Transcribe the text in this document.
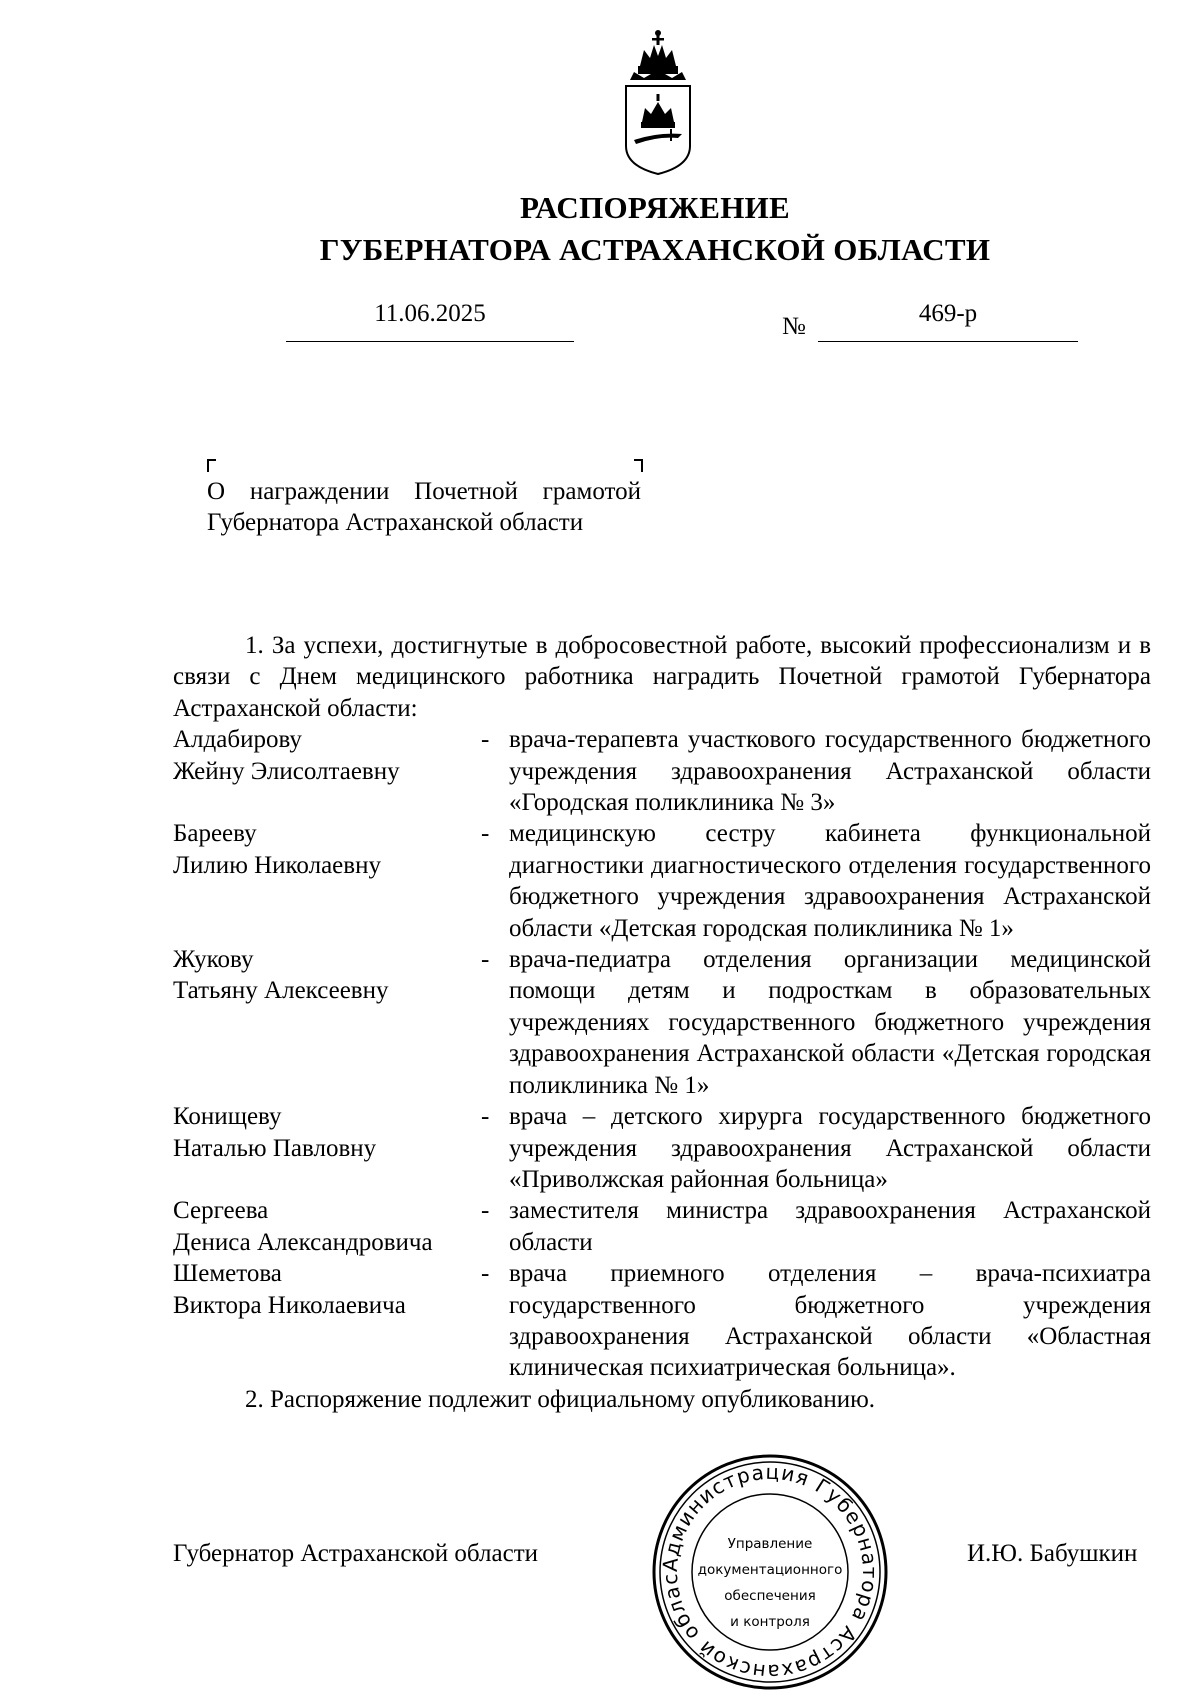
РАСПОРЯЖЕНИЕ
ГУБЕРНАТОРА АСТРАХАНСКОЙ ОБЛАСТИ
11.06.2025	№	469-р
О награждении Почетной грамотой
Губернатора Астраханской области

1. За успехи, достигнутые в добросовестной работе, высокий профессионализм и в связи с Днем медицинского работника наградить Почетной грамотой Губернатора Астраханской области:

Алдабирову
Жейну Элисолтаевну
- врача-терапевта участкового государственного бюджетного учреждения здравоохранения Астраханской области «Городская поликлиника № 3»
Барееву
Лилию Николаевну
- медицинскую сестру кабинета функциональной диагностики диагностического отделения государственного бюджетного учреждения здравоохранения Астраханской области «Детская городская поликлиника № 1»
Жукову
Татьяну Алексеевну
- врача-педиатра отделения организации медицинской помощи детям и подросткам в образовательных учреждениях государственного бюджетного учреждения здравоохранения Астраханской области «Детская городская поликлиника № 1»
Конищеву
Наталью Павловну
- врача – детского хирурга государственного бюджетного учреждения здравоохранения Астраханской области «Приволжская районная больница»
Сергеева
Дениса Александровича
- заместителя министра здравоохранения Астраханской области
Шеметова
Виктора Николаевича
- врача приемного отделения – врача-психиатра государственного бюджетного учреждения здравоохранения Астраханской области «Областная клиническая психиатрическая больница».

2. Распоряжение подлежит официальному опубликованию.

Губернатор Астраханской области	И.Ю. Бабушкин
Администрация Губернатора Астраханской облас
Управление
документационного
обеспечения
и контроля
